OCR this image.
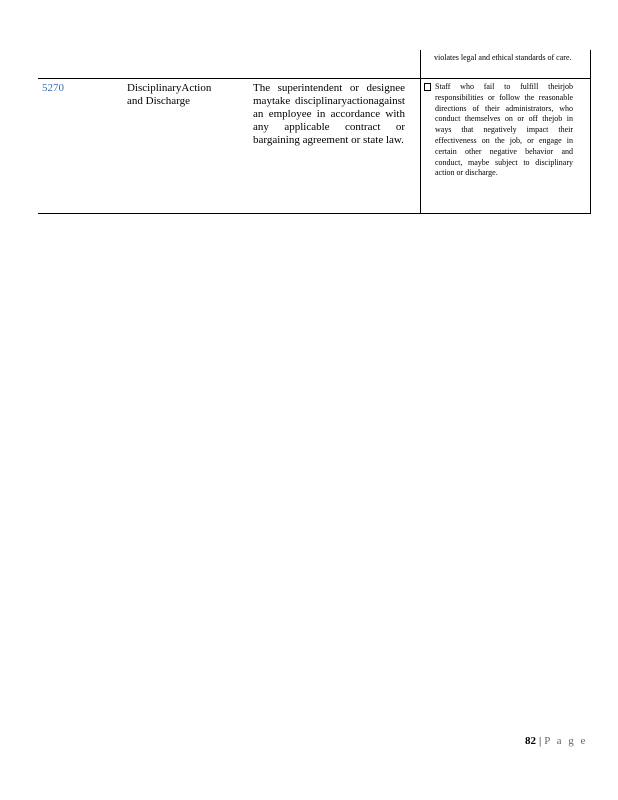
violates legal and ethical standards of care.
5270	DisciplinaryAction and Discharge
The superintendent or designee maytake disciplinaryactionagainst an employee in accordance with any applicable contract or bargaining agreement or state law.
Staff who fail to fulfill theirjob responsibilities or follow the reasonable directions of their administrators, who conduct themselves on or off thejob in ways that negatively impact their effectiveness on the job, or engage in certain other negative behavior and conduct, maybe subject to disciplinary action or discharge.
82 | P a g e
